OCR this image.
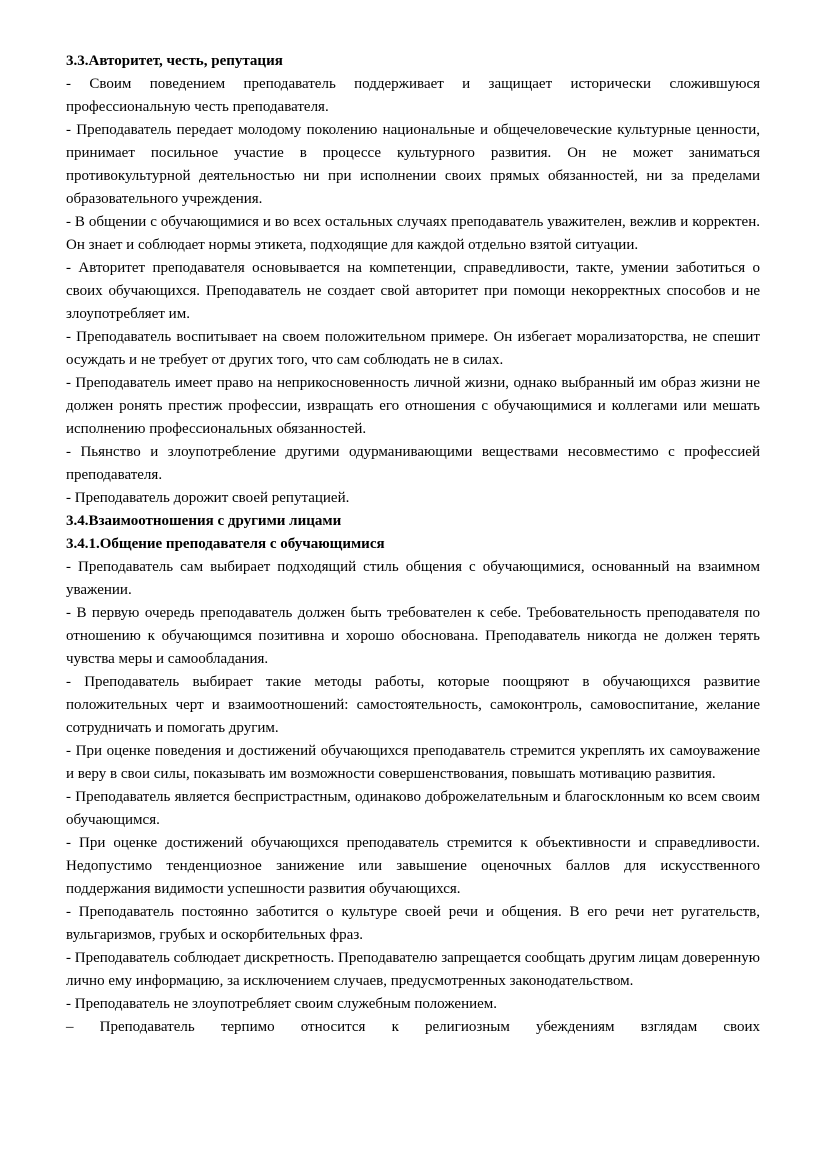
3.3.Авторитет, честь, репутация

- Своим поведением преподаватель поддерживает и защищает исторически сложившуюся профессиональную честь преподавателя.

- Преподаватель передает молодому поколению национальные и общечеловеческие культурные ценности, принимает посильное участие в процессе культурного развития. Он не может заниматься противокультурной деятельностью ни при исполнении своих прямых обязанностей, ни за пределами образовательного учреждения.

- В общении с обучающимися и во всех остальных случаях преподаватель уважителен, вежлив и корректен. Он знает и соблюдает нормы этикета, подходящие для каждой отдельно взятой ситуации.

- Авторитет преподавателя основывается на компетенции, справедливости, такте, умении заботиться о своих обучающихся. Преподаватель не создает свой авторитет при помощи некорректных способов и не злоупотребляет им.

- Преподаватель воспитывает на своем положительном примере. Он избегает морализаторства, не спешит осуждать и не требует от других того, что сам соблюдать не в силах.

- Преподаватель имеет право на неприкосновенность личной жизни, однако выбранный им образ жизни не должен ронять престиж профессии, извращать его отношения с обучающимися и коллегами или мешать исполнению профессиональных обязанностей.

- Пьянство и злоупотребление другими одурманивающими веществами несовместимо с профессией преподавателя.

- Преподаватель дорожит своей репутацией.

3.4.Взаимоотношения с другими лицами

3.4.1.Общение преподавателя с обучающимися

- Преподаватель сам выбирает подходящий стиль общения с обучающимися, основанный на взаимном уважении.

- В первую очередь преподаватель должен быть требователен к себе. Требовательность преподавателя по отношению к обучающимся позитивна и хорошо обоснована. Преподаватель никогда не должен терять чувства меры и самообладания.

- Преподаватель выбирает такие методы работы, которые поощряют в обучающихся развитие положительных черт и взаимоотношений: самостоятельность, самоконтроль, самовоспитание, желание сотрудничать и помогать другим.

- При оценке поведения и достижений обучающихся преподаватель стремится укреплять их самоуважение и веру в свои силы, показывать им возможности совершенствования, повышать мотивацию развития.

- Преподаватель является беспристрастным, одинаково доброжелательным и благосклонным ко всем своим обучающимся.

- При оценке достижений обучающихся преподаватель стремится к объективности и справедливости. Недопустимо тенденциозное занижение или завышение оценочных баллов для искусственного поддержания видимости успешности развития обучающихся.

- Преподаватель постоянно заботится о культуре своей речи и общения. В его речи нет ругательств, вульгаризмов, грубых и оскорбительных фраз.

- Преподаватель соблюдает дискретность. Преподавателю запрещается сообщать другим лицам доверенную лично ему информацию, за исключением случаев, предусмотренных законодательством.

- Преподаватель не злоупотребляет своим служебным положением.

– Преподаватель терпимо относится к религиозным убеждениям взглядам своих
